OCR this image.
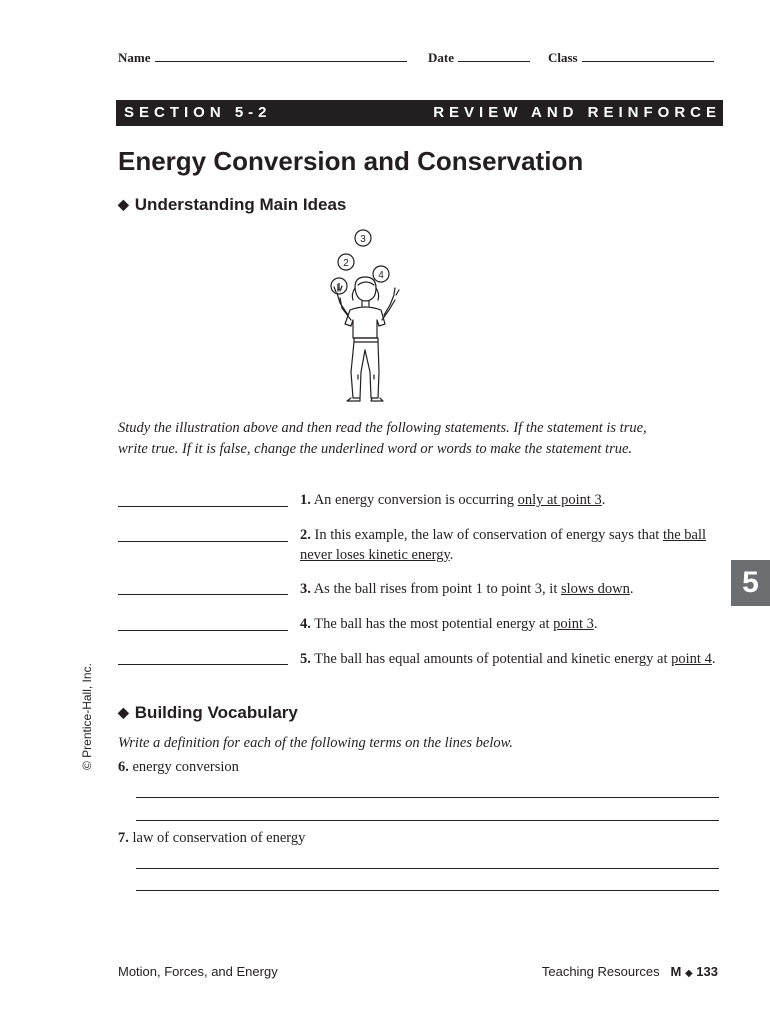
Name	Date	Class
SECTION 5-2	REVIEW AND REINFORCE
Energy Conversion and Conservation
◆ Understanding Main Ideas
3
2
4
1
Study the illustration above and then read the following statements. If the statement is true, write true. If it is false, change the underlined word or words to make the statement true.
1. An energy conversion is occurring only at point 3.
2. In this example, the law of conservation of energy says that the ball never loses kinetic energy.
3. As the ball rises from point 1 to point 3, it slows down.
4. The ball has the most potential energy at point 3.
5. The ball has equal amounts of potential and kinetic energy at point 4.
◆ Building Vocabulary
Write a definition for each of the following terms on the lines below.
6. energy conversion
7. law of conservation of energy
5
© Prentice-Hall, Inc.
Motion, Forces, and Energy	Teaching Resources M ◆ 133
